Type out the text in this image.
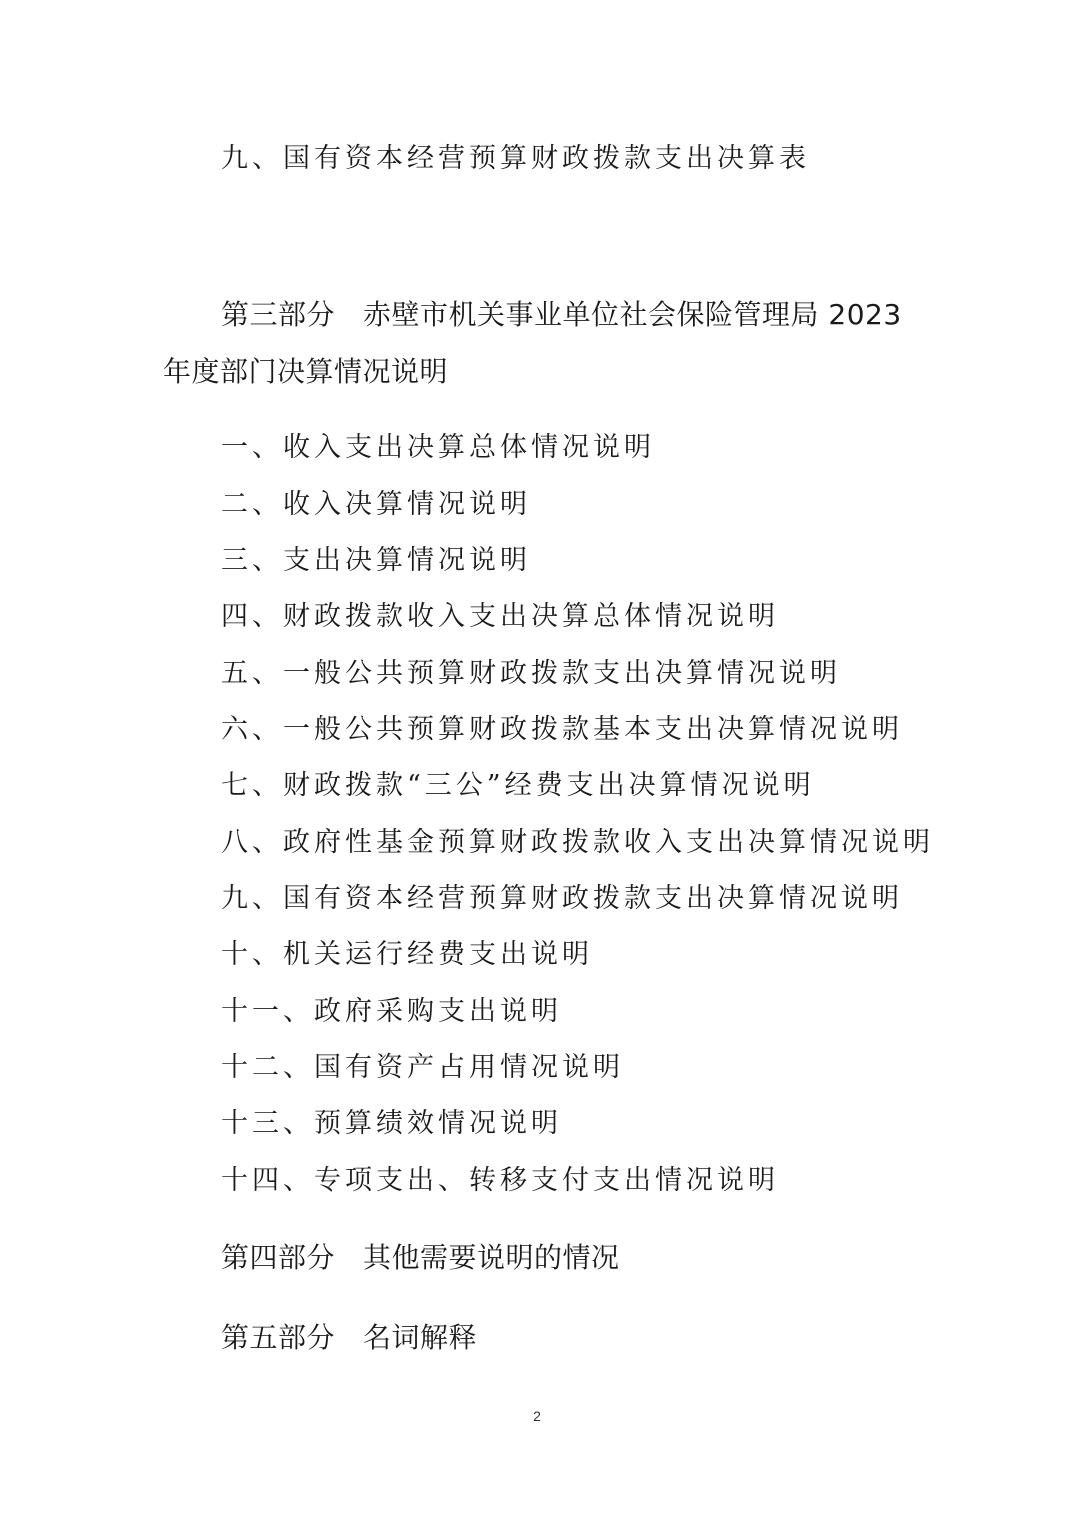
九、国有资本经营预算财政拨款支出决算表
第三部分 赤壁市机关事业单位社会保险管理局 2023
年度部门决算情况说明
一、收入支出决算总体情况说明
二、收入决算情况说明
三、支出决算情况说明
四、财政拨款收入支出决算总体情况说明
五、一般公共预算财政拨款支出决算情况说明
六、一般公共预算财政拨款基本支出决算情况说明
七、财政拨款“三公”经费支出决算情况说明
八、政府性基金预算财政拨款收入支出决算情况说明
九、国有资本经营预算财政拨款支出决算情况说明
十、机关运行经费支出说明
十一、政府采购支出说明
十二、国有资产占用情况说明
十三、预算绩效情况说明
十四、专项支出、转移支付支出情况说明
第四部分 其他需要说明的情况
第五部分 名词解释
2
